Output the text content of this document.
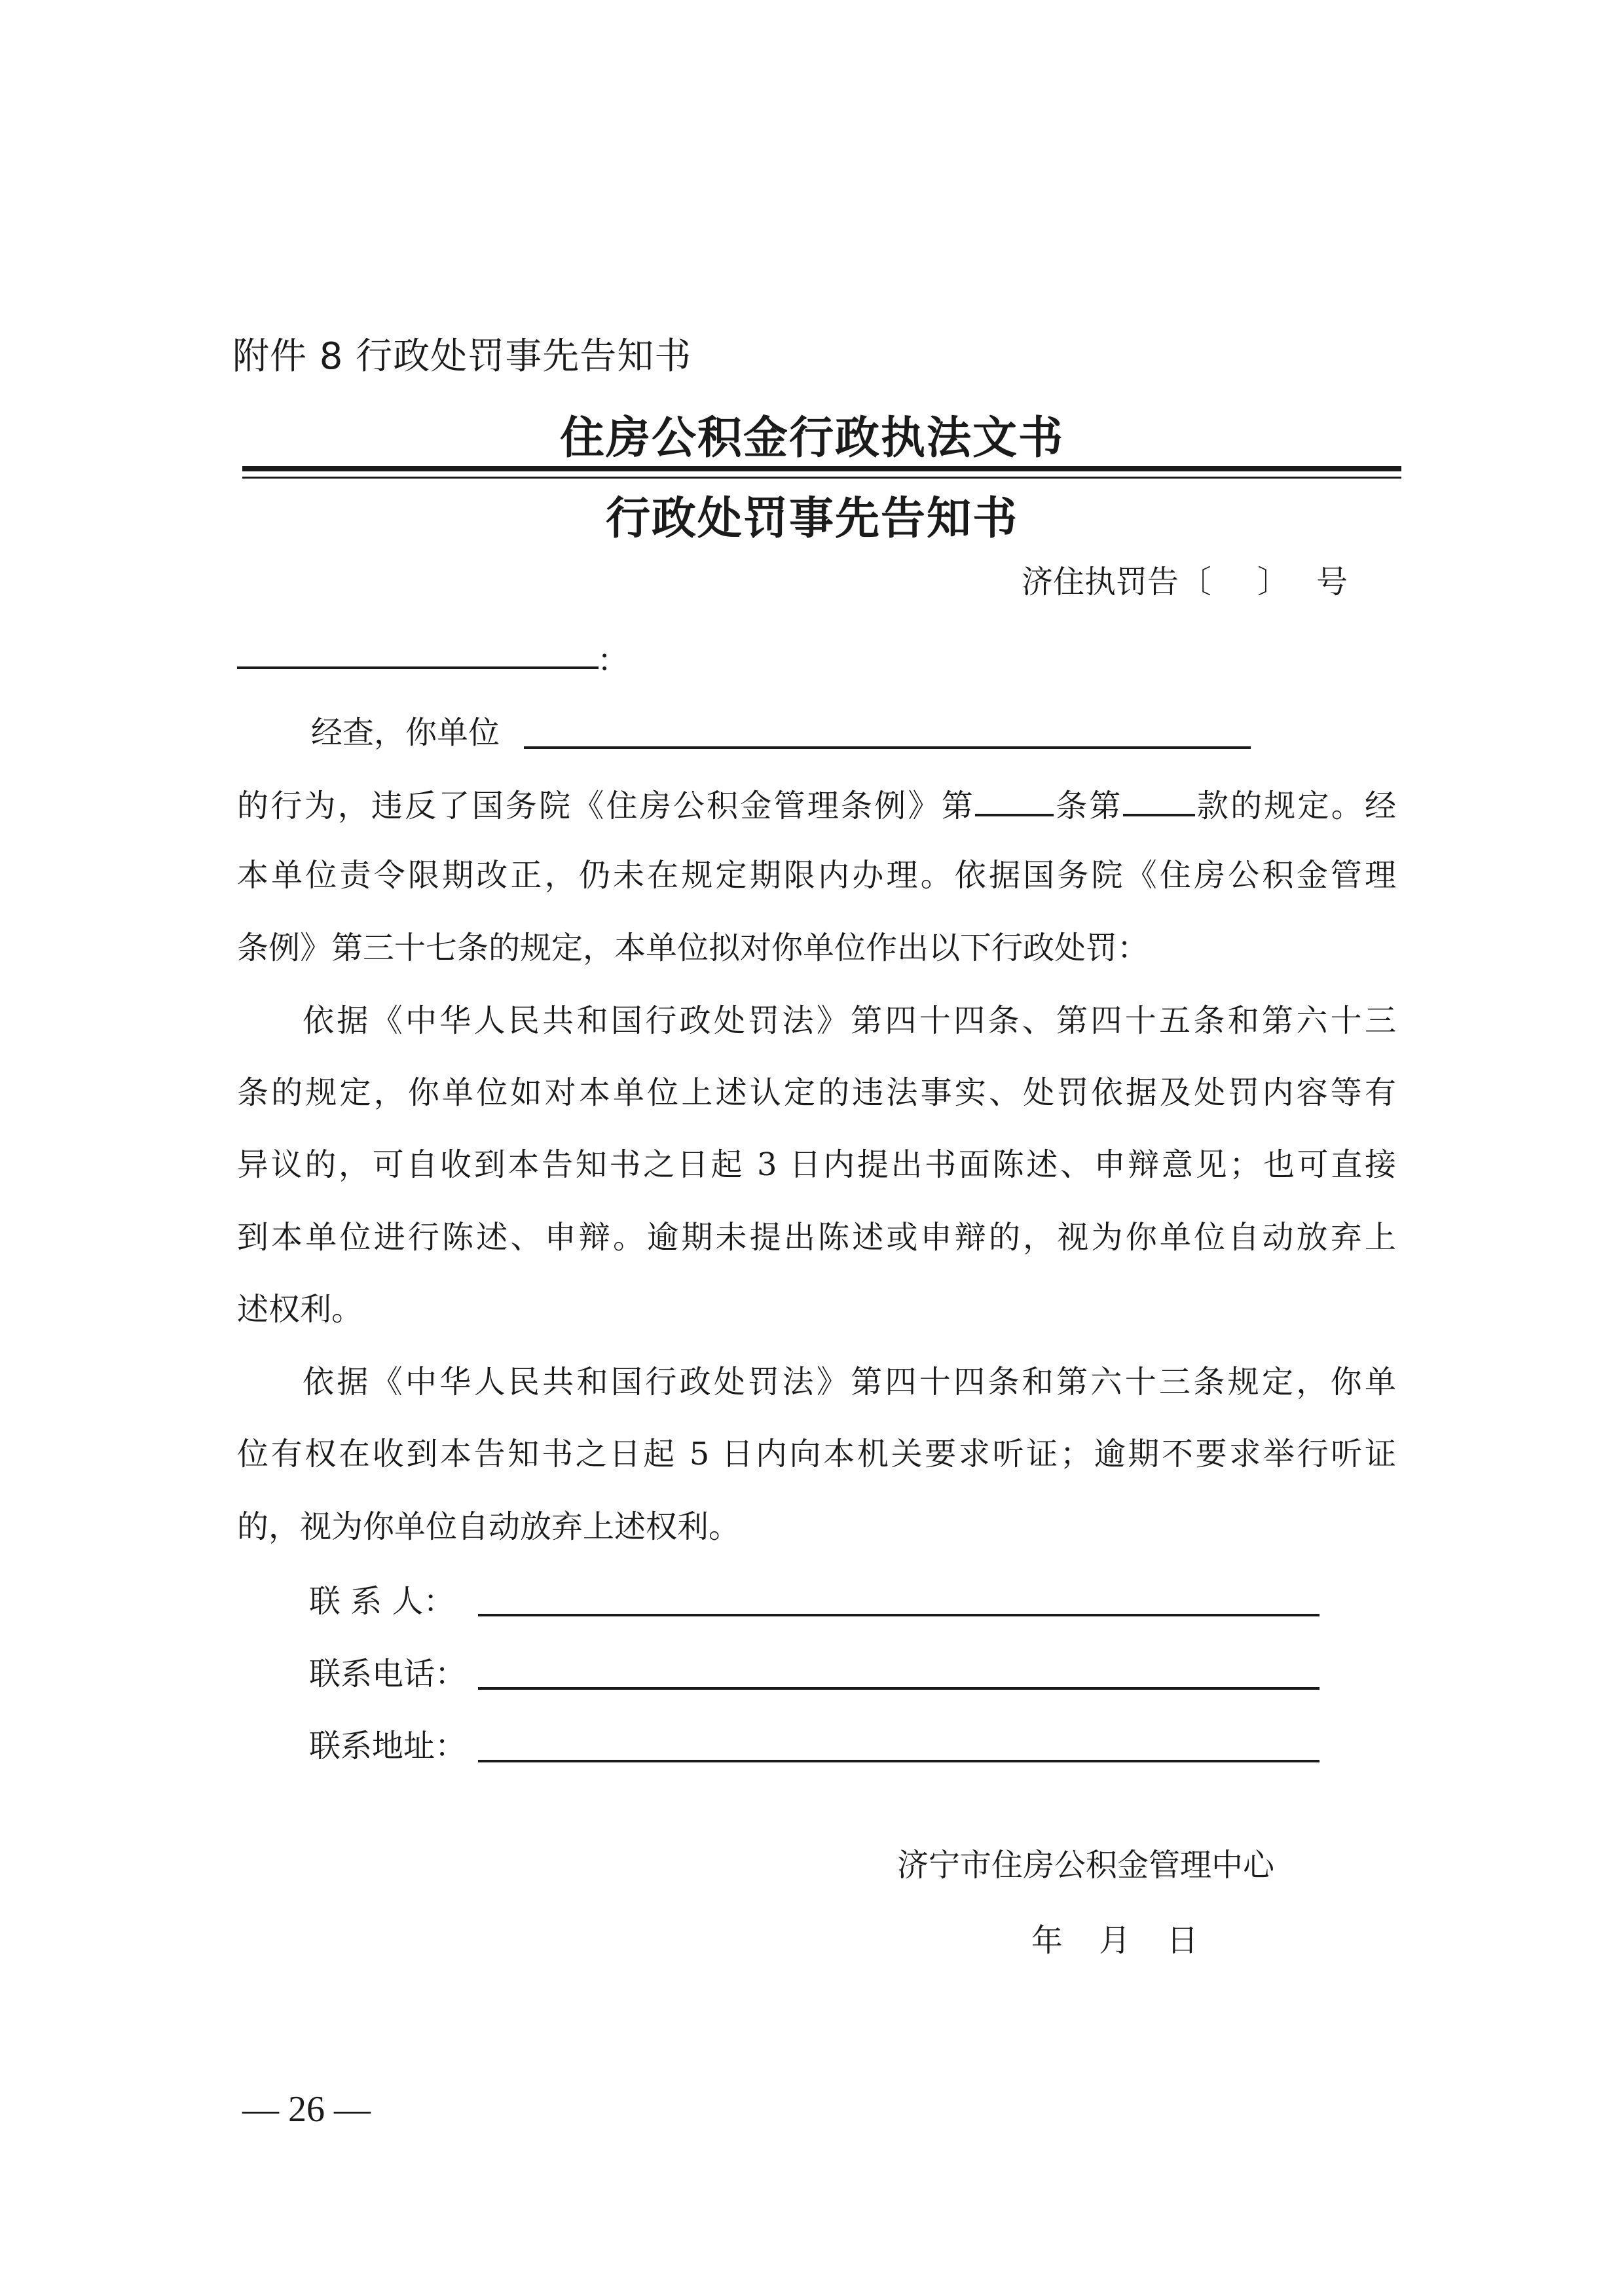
附件 8 行政处罚事先告知书
住房公积金行政执法文书
行政处罚事先告知书
济住执罚告〔 〕 号
：
经查，你单位
的行为，违反了国务院《住房公积金管理条例》第	条第 款的规定。经
本单位责令限期改正，仍未在规定期限内办理。依据国务院《住房公积金管理
条例》第三十七条的规定，本单位拟对你单位作出以下行政处罚：
依据《中华人民共和国行政处罚法》第四十四条、第四十五条和第六十三
条的规定，你单位如对本单位上述认定的违法事实、处罚依据及处罚内容等有
异议的，可自收到本告知书之日起 3 日内提出书面陈述、申辩意见；也可直接
到本单位进行陈述、申辩。逾期未提出陈述或申辩的，视为你单位自动放弃上
述权利。
依据《中华人民共和国行政处罚法》第四十四条和第六十三条规定，你单
位有权在收到本告知书之日起 5 日内向本机关要求听证；逾期不要求举行听证
的，视为你单位自动放弃上述权利。
联 系 人：
联系电话：
联系地址：
济宁市住房公积金管理中心
年 月 日
— 26 —
